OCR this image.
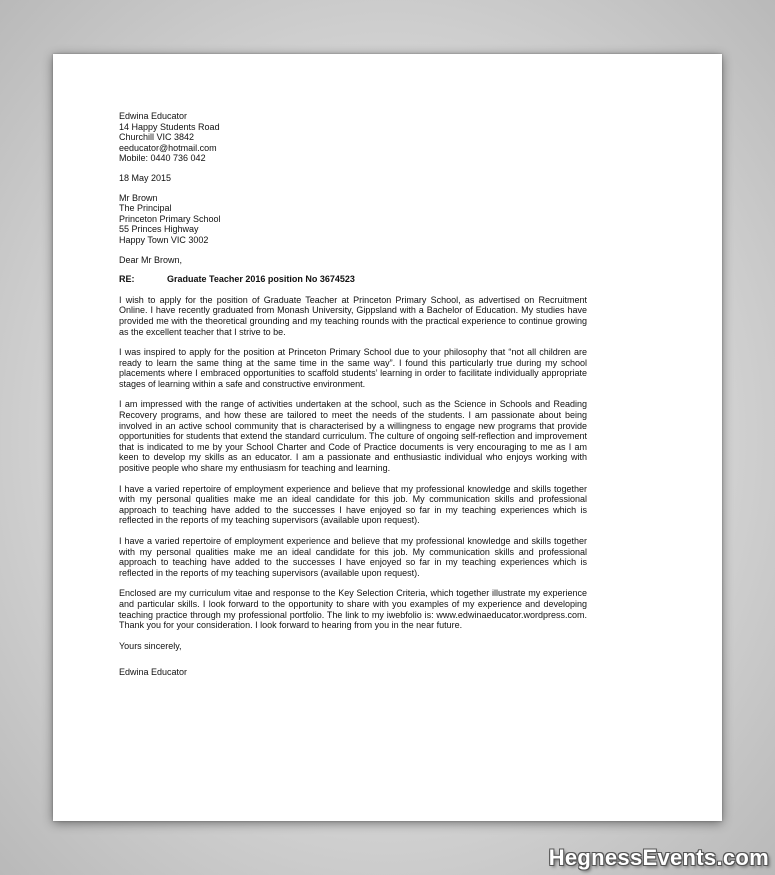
Edwina Educator
14 Happy Students Road
Churchill VIC 3842
eeducator@hotmail.com
Mobile: 0440 736 042
18 May 2015
Mr Brown
The Principal
Princeton Primary School
55 Princes Highway
Happy Town VIC 3002
Dear Mr Brown,
RE:	Graduate Teacher 2016 position No 3674523

I wish to apply for the position of Graduate Teacher at Princeton Primary School, as advertised on Recruitment Online. I have recently graduated from Monash University, Gippsland with a Bachelor of Education. My studies have provided me with the theoretical grounding and my teaching rounds with the practical experience to continue growing as the excellent teacher that I strive to be.

I was inspired to apply for the position at Princeton Primary School due to your philosophy that “not all children are ready to learn the same thing at the same time in the same way”. I found this particularly true during my school placements where I embraced opportunities to scaffold students’ learning in order to facilitate individually appropriate stages of learning within a safe and constructive environment.

I am impressed with the range of activities undertaken at the school, such as the Science in Schools and Reading Recovery programs, and how these are tailored to meet the needs of the students. I am passionate about being involved in an active school community that is characterised by a willingness to engage new programs that provide opportunities for students that extend the standard curriculum. The culture of ongoing self-reflection and improvement that is indicated to me by your School Charter and Code of Practice documents is very encouraging to me as I am keen to develop my skills as an educator. I am a passionate and enthusiastic individual who enjoys working with positive people who share my enthusiasm for teaching and learning.

I have a varied repertoire of employment experience and believe that my professional knowledge and skills together with my personal qualities make me an ideal candidate for this job. My communication skills and professional approach to teaching have added to the successes I have enjoyed so far in my teaching experiences which is reflected in the reports of my teaching supervisors (available upon request).

I have a varied repertoire of employment experience and believe that my professional knowledge and skills together with my personal qualities make me an ideal candidate for this job. My communication skills and professional approach to teaching have added to the successes I have enjoyed so far in my teaching experiences which is reflected in the reports of my teaching supervisors (available upon request).

Enclosed are my curriculum vitae and response to the Key Selection Criteria, which together illustrate my experience and particular skills. I look forward to the opportunity to share with you examples of my experience and developing teaching practice through my professional portfolio. The link to my iwebfolio is: www.edwinaeducator.wordpress.com. Thank you for your consideration. I look forward to hearing from you in the near future.

Yours sincerely,
Edwina Educator
HegnessEvents.com
